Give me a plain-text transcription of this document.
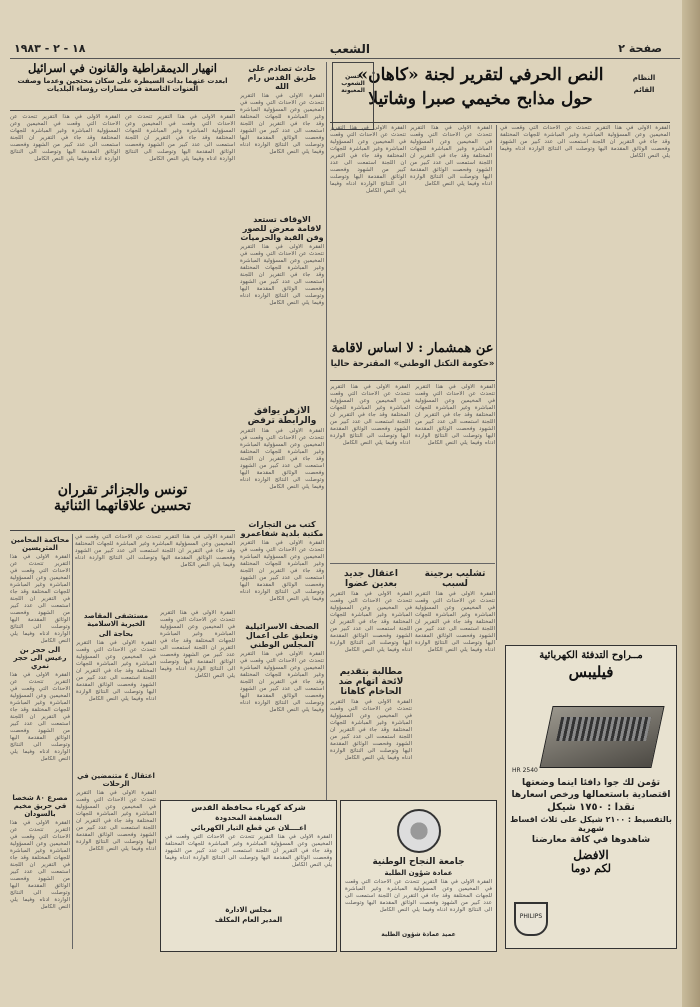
صفحة ٢
الشعب
١٨ - ٢ - ١٩٨٣
النص الحرفي لتقرير لجنة «كاهان»
حول مذابح مخيمي صبرا وشاتيلا
النظام القائم
حسن الشعوب المغبونة
الفقرة الاولى في هذا التقرير تتحدث عن الاحداث التي وقعت في المخيمين وعن المسؤولية المباشرة وغير المباشرة للجهات المختلفة وقد جاء في التقرير ان اللجنة استمعت الى عدد كبير من الشهود وفحصت الوثائق المقدمة اليها وتوصلت الى النتائج الواردة ادناه وفيما يلي النص الكامل
الفقرة الاولى في هذا التقرير تتحدث عن الاحداث التي وقعت في المخيمين وعن المسؤولية المباشرة وغير المباشرة للجهات المختلفة وقد جاء في التقرير ان اللجنة استمعت الى عدد كبير من الشهود وفحصت الوثائق المقدمة اليها وتوصلت الى النتائج الواردة ادناه وفيما يلي النص الكامل
الفقرة الاولى في هذا التقرير تتحدث عن الاحداث التي وقعت في المخيمين وعن المسؤولية المباشرة وغير المباشرة للجهات المختلفة وقد جاء في التقرير ان اللجنة استمعت الى عدد كبير من الشهود وفحصت الوثائق المقدمة اليها وتوصلت الى النتائج الواردة ادناه وفيما يلي النص الكامل
عن همشمار : لا اساس لاقامة
«حكومة التكتل الوطني» المقترحة حاليا
الفقرة الاولى في هذا التقرير تتحدث عن الاحداث التي وقعت في المخيمين وعن المسؤولية المباشرة وغير المباشرة للجهات المختلفة وقد جاء في التقرير ان اللجنة استمعت الى عدد كبير من الشهود وفحصت الوثائق المقدمة اليها وتوصلت الى النتائج الواردة ادناه وفيما يلي النص الكامل
الفقرة الاولى في هذا التقرير تتحدث عن الاحداث التي وقعت في المخيمين وعن المسؤولية المباشرة وغير المباشرة للجهات المختلفة وقد جاء في التقرير ان اللجنة استمعت الى عدد كبير من الشهود وفحصت الوثائق المقدمة اليها وتوصلت الى النتائج الواردة ادناه وفيما يلي النص الكامل
تشليب برجينة لسبب
الفقرة الاولى في هذا التقرير تتحدث عن الاحداث التي وقعت في المخيمين وعن المسؤولية المباشرة وغير المباشرة للجهات المختلفة وقد جاء في التقرير ان اللجنة استمعت الى عدد كبير من الشهود وفحصت الوثائق المقدمة اليها وتوصلت الى النتائج الواردة ادناه وفيما يلي النص الكامل
اعتقال جديد بعدين عضوا
الفقرة الاولى في هذا التقرير تتحدث عن الاحداث التي وقعت في المخيمين وعن المسؤولية المباشرة وغير المباشرة للجهات المختلفة وقد جاء في التقرير ان اللجنة استمعت الى عدد كبير من الشهود وفحصت الوثائق المقدمة اليها وتوصلت الى النتائج الواردة ادناه وفيما يلي النص الكامل
مطالبة بتقديم لائحة اتهام ضد الحاخام كاهانا
الفقرة الاولى في هذا التقرير تتحدث عن الاحداث التي وقعت في المخيمين وعن المسؤولية المباشرة وغير المباشرة للجهات المختلفة وقد جاء في التقرير ان اللجنة استمعت الى عدد كبير من الشهود وفحصت الوثائق المقدمة اليها وتوصلت الى النتائج الواردة ادناه وفيما يلي النص الكامل
مــراوح التدفئة الكهربائية
فيليبس
HR 2540
تؤمن لك جوا دافئا اينما وضعتها
اقتصادية باستعمالها ورخص اسعارها
نقدا : ١٧٥٠ شيكل
بالتقسيط : ٢١٠٠ شيكل على ثلاث اقساط شهرية
شاهدوها في كافة معارضنا
الافضل
لكم دوما
PHILIPS
جامعة النجاح الوطنية
عمادة شؤون الطلبة
الفقرة الاولى في هذا التقرير تتحدث عن الاحداث التي وقعت في المخيمين وعن المسؤولية المباشرة وغير المباشرة للجهات المختلفة وقد جاء في التقرير ان اللجنة استمعت الى عدد كبير من الشهود وفحصت الوثائق المقدمة اليها وتوصلت الى النتائج الواردة ادناه وفيما يلي النص الكامل
عميد عمادة شؤون الطلبة
حادث تصادم على طريق القدس رام الله
الفقرة الاولى في هذا التقرير تتحدث عن الاحداث التي وقعت في المخيمين وعن المسؤولية المباشرة وغير المباشرة للجهات المختلفة وقد جاء في التقرير ان اللجنة استمعت الى عدد كبير من الشهود وفحصت الوثائق المقدمة اليها وتوصلت الى النتائج الواردة ادناه وفيما يلي النص الكامل
الاوقاف تستعد لاقامة معرض للصور وفن القبة والحرميات
الفقرة الاولى في هذا التقرير تتحدث عن الاحداث التي وقعت في المخيمين وعن المسؤولية المباشرة وغير المباشرة للجهات المختلفة وقد جاء في التقرير ان اللجنة استمعت الى عدد كبير من الشهود وفحصت الوثائق المقدمة اليها وتوصلت الى النتائج الواردة ادناه وفيما يلي النص الكامل
الازهر يوافق والرابطة ترفض
الفقرة الاولى في هذا التقرير تتحدث عن الاحداث التي وقعت في المخيمين وعن المسؤولية المباشرة وغير المباشرة للجهات المختلفة وقد جاء في التقرير ان اللجنة استمعت الى عدد كبير من الشهود وفحصت الوثائق المقدمة اليها وتوصلت الى النتائج الواردة ادناه وفيما يلي النص الكامل
كتب من التجارات مكتبة بلدية شفاعمرو
الفقرة الاولى في هذا التقرير تتحدث عن الاحداث التي وقعت في المخيمين وعن المسؤولية المباشرة وغير المباشرة للجهات المختلفة وقد جاء في التقرير ان اللجنة استمعت الى عدد كبير من الشهود وفحصت الوثائق المقدمة اليها وتوصلت الى النتائج الواردة ادناه وفيما يلي النص الكامل
الصحف الاسرائيلية وتعليق على اعمال المجلس الوطني
الفقرة الاولى في هذا التقرير تتحدث عن الاحداث التي وقعت في المخيمين وعن المسؤولية المباشرة وغير المباشرة للجهات المختلفة وقد جاء في التقرير ان اللجنة استمعت الى عدد كبير من الشهود وفحصت الوثائق المقدمة اليها وتوصلت الى النتائج الواردة ادناه وفيما يلي النص الكامل
انهيار الديمقراطية والقانون في اسرائيل
ابعدت عنهما بدات السيطرة على سكان محتجين وعدما وصفت العنوات التاسعة في مسارات رؤساء البلديات
الفقرة الاولى في هذا التقرير تتحدث عن الاحداث التي وقعت في المخيمين وعن المسؤولية المباشرة وغير المباشرة للجهات المختلفة وقد جاء في التقرير ان اللجنة استمعت الى عدد كبير من الشهود وفحصت الوثائق المقدمة اليها وتوصلت الى النتائج الواردة ادناه وفيما يلي النص الكامل
الفقرة الاولى في هذا التقرير تتحدث عن الاحداث التي وقعت في المخيمين وعن المسؤولية المباشرة وغير المباشرة للجهات المختلفة وقد جاء في التقرير ان اللجنة استمعت الى عدد كبير من الشهود وفحصت الوثائق المقدمة اليها وتوصلت الى النتائج الواردة ادناه وفيما يلي النص الكامل
تونس والجزائر تقرران
تحسين علاقاتهما الثنائية
الفقرة الاولى في هذا التقرير تتحدث عن الاحداث التي وقعت في المخيمين وعن المسؤولية المباشرة وغير المباشرة للجهات المختلفة وقد جاء في التقرير ان اللجنة استمعت الى عدد كبير من الشهود وفحصت الوثائق المقدمة اليها وتوصلت الى النتائج الواردة ادناه وفيما يلي النص الكامل
محاكمة المحامين المتريسين
الفقرة الاولى في هذا التقرير تتحدث عن الاحداث التي وقعت في المخيمين وعن المسؤولية المباشرة وغير المباشرة للجهات المختلفة وقد جاء في التقرير ان اللجنة استمعت الى عدد كبير من الشهود وفحصت الوثائق المقدمة اليها وتوصلت الى النتائج الواردة ادناه وفيما يلي النص الكامل
الى حجر بن رعيس الى حجر نمري
الفقرة الاولى في هذا التقرير تتحدث عن الاحداث التي وقعت في المخيمين وعن المسؤولية المباشرة وغير المباشرة للجهات المختلفة وقد جاء في التقرير ان اللجنة استمعت الى عدد كبير من الشهود وفحصت الوثائق المقدمة اليها وتوصلت الى النتائج الواردة ادناه وفيما يلي النص الكامل
مصرع ٨٠ شخصا في حريق مخيم بالسودان
الفقرة الاولى في هذا التقرير تتحدث عن الاحداث التي وقعت في المخيمين وعن المسؤولية المباشرة وغير المباشرة للجهات المختلفة وقد جاء في التقرير ان اللجنة استمعت الى عدد كبير من الشهود وفحصت الوثائق المقدمة اليها وتوصلت الى النتائج الواردة ادناه وفيما يلي النص الكامل
مستشفى المقاصد الخيرية الاسلامية
بحاجة الى
الفقرة الاولى في هذا التقرير تتحدث عن الاحداث التي وقعت في المخيمين وعن المسؤولية المباشرة وغير المباشرة للجهات المختلفة وقد جاء في التقرير ان اللجنة استمعت الى عدد كبير من الشهود وفحصت الوثائق المقدمة اليها وتوصلت الى النتائج الواردة ادناه وفيما يلي النص الكامل
الفقرة الاولى في هذا التقرير تتحدث عن الاحداث التي وقعت في المخيمين وعن المسؤولية المباشرة وغير المباشرة للجهات المختلفة وقد جاء في التقرير ان اللجنة استمعت الى عدد كبير من الشهود وفحصت الوثائق المقدمة اليها وتوصلت الى النتائج الواردة ادناه وفيما يلي النص الكامل
اعتقال ٤ متنمضين في الرحلات
الفقرة الاولى في هذا التقرير تتحدث عن الاحداث التي وقعت في المخيمين وعن المسؤولية المباشرة وغير المباشرة للجهات المختلفة وقد جاء في التقرير ان اللجنة استمعت الى عدد كبير من الشهود وفحصت الوثائق المقدمة اليها وتوصلت الى النتائج الواردة ادناه وفيما يلي النص الكامل
شركة كهرباء محافظة القدس
المساهمة المحدودة
اعــــلان عن قطع التيار الكهربائي
الفقرة الاولى في هذا التقرير تتحدث عن الاحداث التي وقعت في المخيمين وعن المسؤولية المباشرة وغير المباشرة للجهات المختلفة وقد جاء في التقرير ان اللجنة استمعت الى عدد كبير من الشهود وفحصت الوثائق المقدمة اليها وتوصلت الى النتائج الواردة ادناه وفيما يلي النص الكامل
مجلس الادارة
المدير العام المكلف
